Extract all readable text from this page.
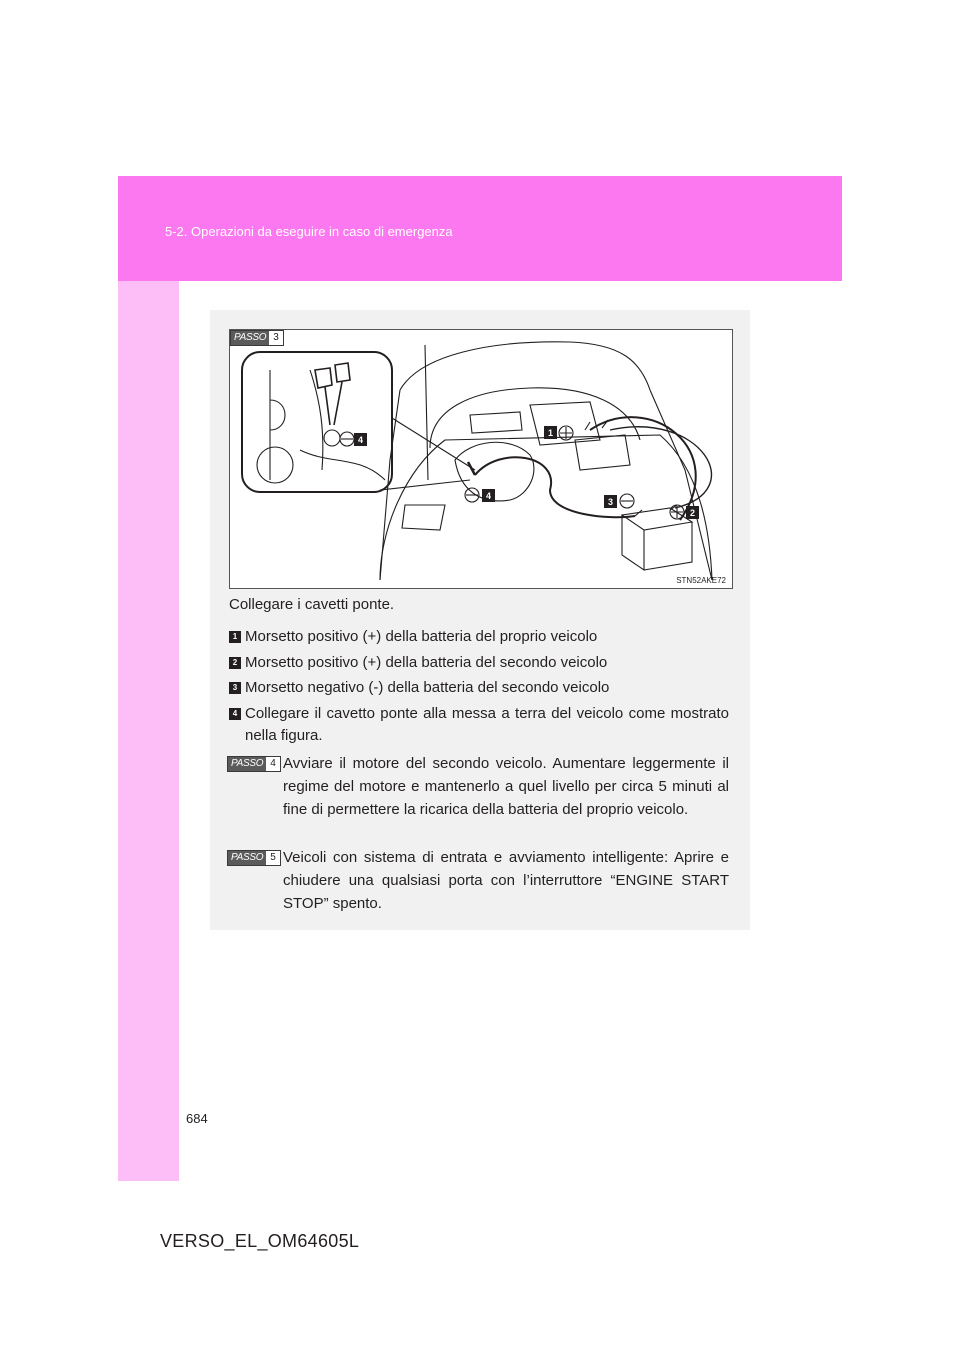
5-2. Operazioni da eseguire in caso di emergenza
PASSO 3
1
2
3
4
4
STN52AKE72
Collegare i cavetti ponte.
1 Morsetto positivo (+) della batteria del proprio veicolo
2 Morsetto positivo (+) della batteria del secondo veicolo
3 Morsetto negativo (-) della batteria del secondo veicolo
4 Collegare il cavetto ponte alla messa a terra del veicolo come mostrato nella figura.
PASSO 4 Avviare il motore del secondo veicolo. Aumentare leggermente il regime del motore e mantenerlo a quel livello per circa 5 minuti al fine di permettere la ricarica della batteria del proprio veicolo.
PASSO 5 Veicoli con sistema di entrata e avviamento intelligente: Aprire e chiudere una qualsiasi porta con l’interruttore “ENGINE START STOP” spento.
684
VERSO_EL_OM64605L
